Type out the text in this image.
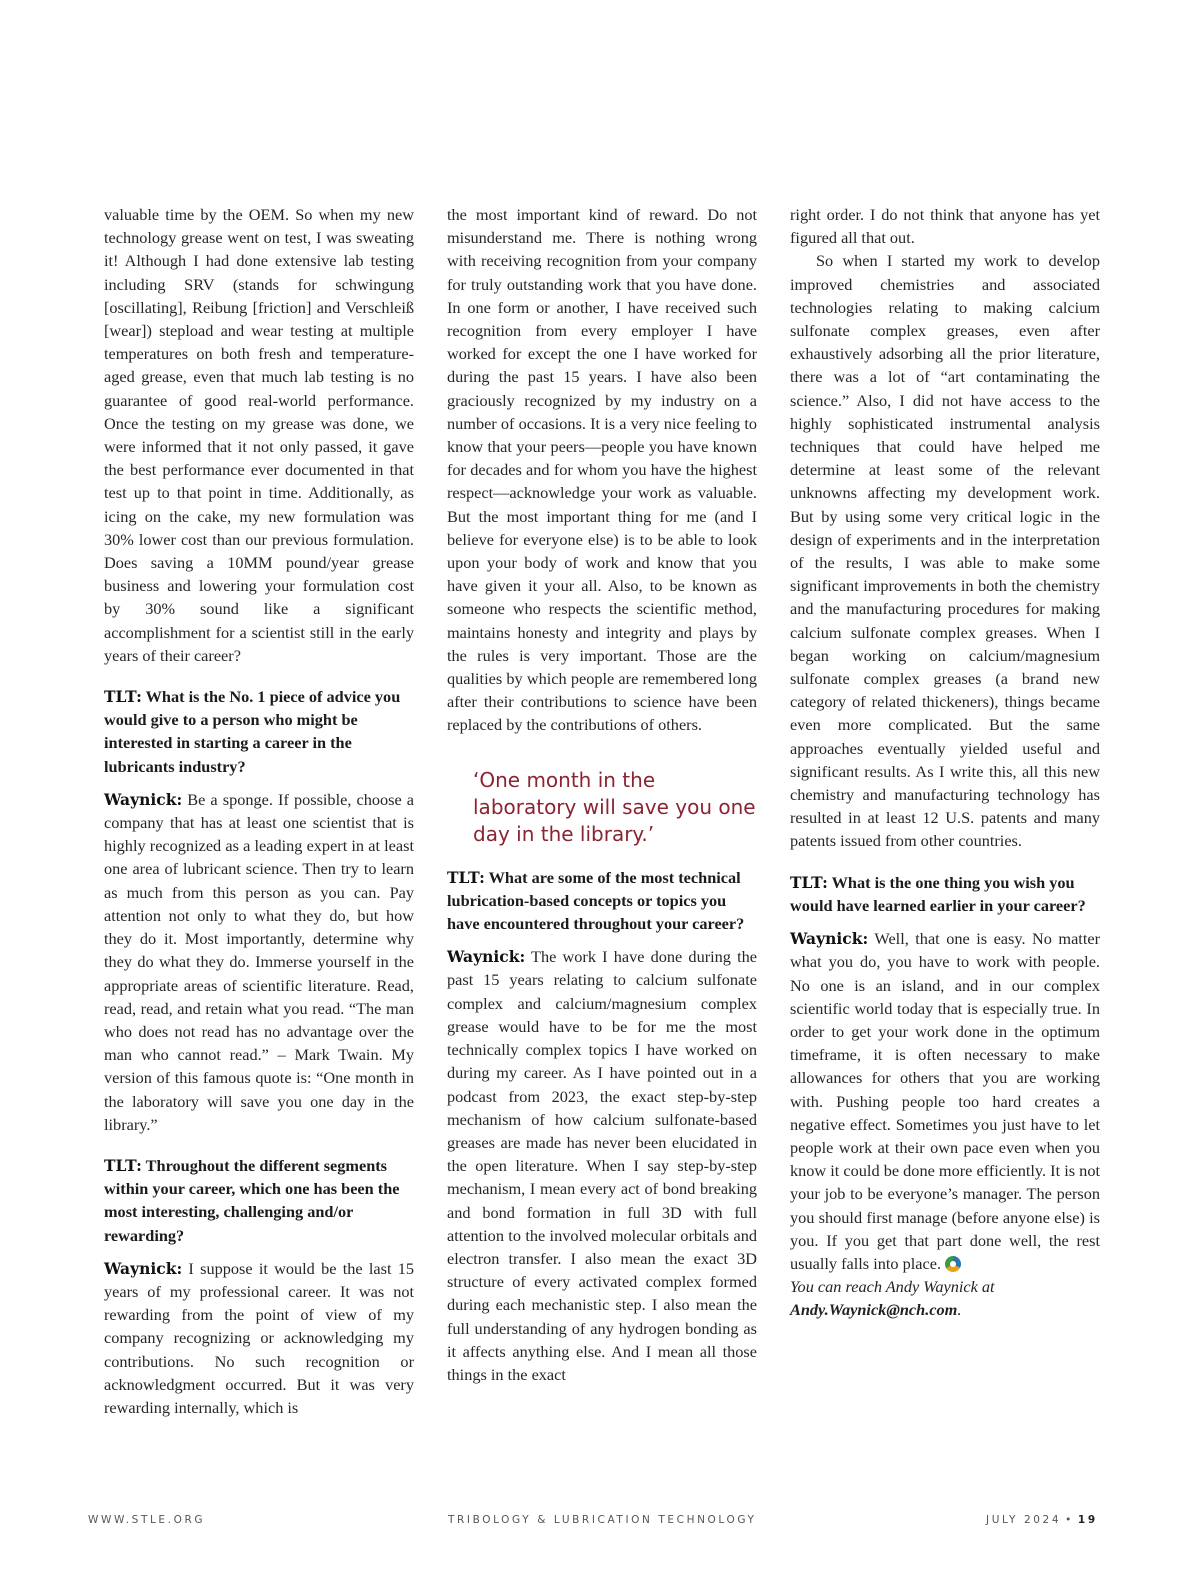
valuable time by the OEM. So when my new technology grease went on test, I was sweating it! Although I had done extensive lab testing including SRV (stands for schwingung [oscillating], Reibung [friction] and Verschleiß [wear]) stepload and wear testing at multiple temperatures on both fresh and temperature-aged grease, even that much lab testing is no guarantee of good real-world performance. Once the testing on my grease was done, we were informed that it not only passed, it gave the best performance ever documented in that test up to that point in time. Additionally, as icing on the cake, my new formulation was 30% lower cost than our previous formulation. Does saving a 10MM pound/year grease business and lowering your formulation cost by 30% sound like a significant accomplishment for a scientist still in the early years of their career?

TLT: What is the No. 1 piece of advice you would give to a person who might be interested in starting a career in the lubricants industry?

Waynick: Be a sponge. If possible, choose a company that has at least one scientist that is highly recognized as a leading expert in at least one area of lubricant science. Then try to learn as much from this person as you can. Pay attention not only to what they do, but how they do it. Most importantly, determine why they do what they do. Immerse yourself in the appropriate areas of scientific literature. Read, read, read, and retain what you read. “The man who does not read has no advantage over the man who cannot read.” – Mark Twain. My version of this famous quote is: “One month in the laboratory will save you one day in the library.”

TLT: Throughout the different segments within your career, which one has been the most interesting, challenging and/or rewarding?

Waynick: I suppose it would be the last 15 years of my professional career. It was not rewarding from the point of view of my company recognizing or acknowledging my contributions. No such recognition or acknowledgment occurred. But it was very rewarding internally, which is

the most important kind of reward. Do not misunderstand me. There is nothing wrong with receiving recognition from your company for truly outstanding work that you have done. In one form or another, I have received such recognition from every employer I have worked for except the one I have worked for during the past 15 years. I have also been graciously recognized by my industry on a number of occasions. It is a very nice feeling to know that your peers—people you have known for decades and for whom you have the highest respect—acknowledge your work as valuable. But the most important thing for me (and I believe for everyone else) is to be able to look upon your body of work and know that you have given it your all. Also, to be known as someone who respects the scientific method, maintains honesty and integrity and plays by the rules is very important. Those are the qualities by which people are remembered long after their contributions to science have been replaced by the contributions of others.

‘One month in the laboratory will save you one day in the library.’
TLT: What are some of the most technical lubrication-based concepts or topics you have encountered throughout your career?

Waynick: The work I have done during the past 15 years relating to calcium sulfonate complex and calcium/magnesium complex grease would have to be for me the most technically complex topics I have worked on during my career. As I have pointed out in a podcast from 2023, the exact step-by-step mechanism of how calcium sulfonate-based greases are made has never been elucidated in the open literature. When I say step-by-step mechanism, I mean every act of bond breaking and bond formation in full 3D with full attention to the involved molecular orbitals and electron transfer. I also mean the exact 3D structure of every activated complex formed during each mechanistic step. I also mean the full understanding of any hydrogen bonding as it affects anything else. And I mean all those things in the exact

right order. I do not think that anyone has yet figured all that out.

So when I started my work to develop improved chemistries and associated technologies relating to making calcium sulfonate complex greases, even after exhaustively adsorbing all the prior literature, there was a lot of “art contaminating the science.” Also, I did not have access to the highly sophisticated instrumental analysis techniques that could have helped me determine at least some of the relevant unknowns affecting my development work. But by using some very critical logic in the design of experiments and in the interpretation of the results, I was able to make some significant improvements in both the chemistry and the manufacturing procedures for making calcium sulfonate complex greases. When I began working on calcium/magnesium sulfonate complex greases (a brand new category of related thickeners), things became even more complicated. But the same approaches eventually yielded useful and significant results. As I write this, all this new chemistry and manufacturing technology has resulted in at least 12 U.S. patents and many patents issued from other countries.

TLT: What is the one thing you wish you would have learned earlier in your career?

Waynick: Well, that one is easy. No matter what you do, you have to work with people. No one is an island, and in our complex scientific world today that is especially true. In order to get your work done in the optimum timeframe, it is often necessary to make allowances for others that you are working with. Pushing people too hard creates a negative effect. Sometimes you just have to let people work at their own pace even when you know it could be done more efficiently. It is not your job to be everyone’s manager. The person you should first manage (before anyone else) is you. If you get that part done well, the rest usually falls into place.

You can reach Andy Waynick at
Andy.Waynick@nch.com.

WWW.STLE.ORG	TRIBOLOGY & LUBRICATION TECHNOLOGY	JULY 2024 • 19
